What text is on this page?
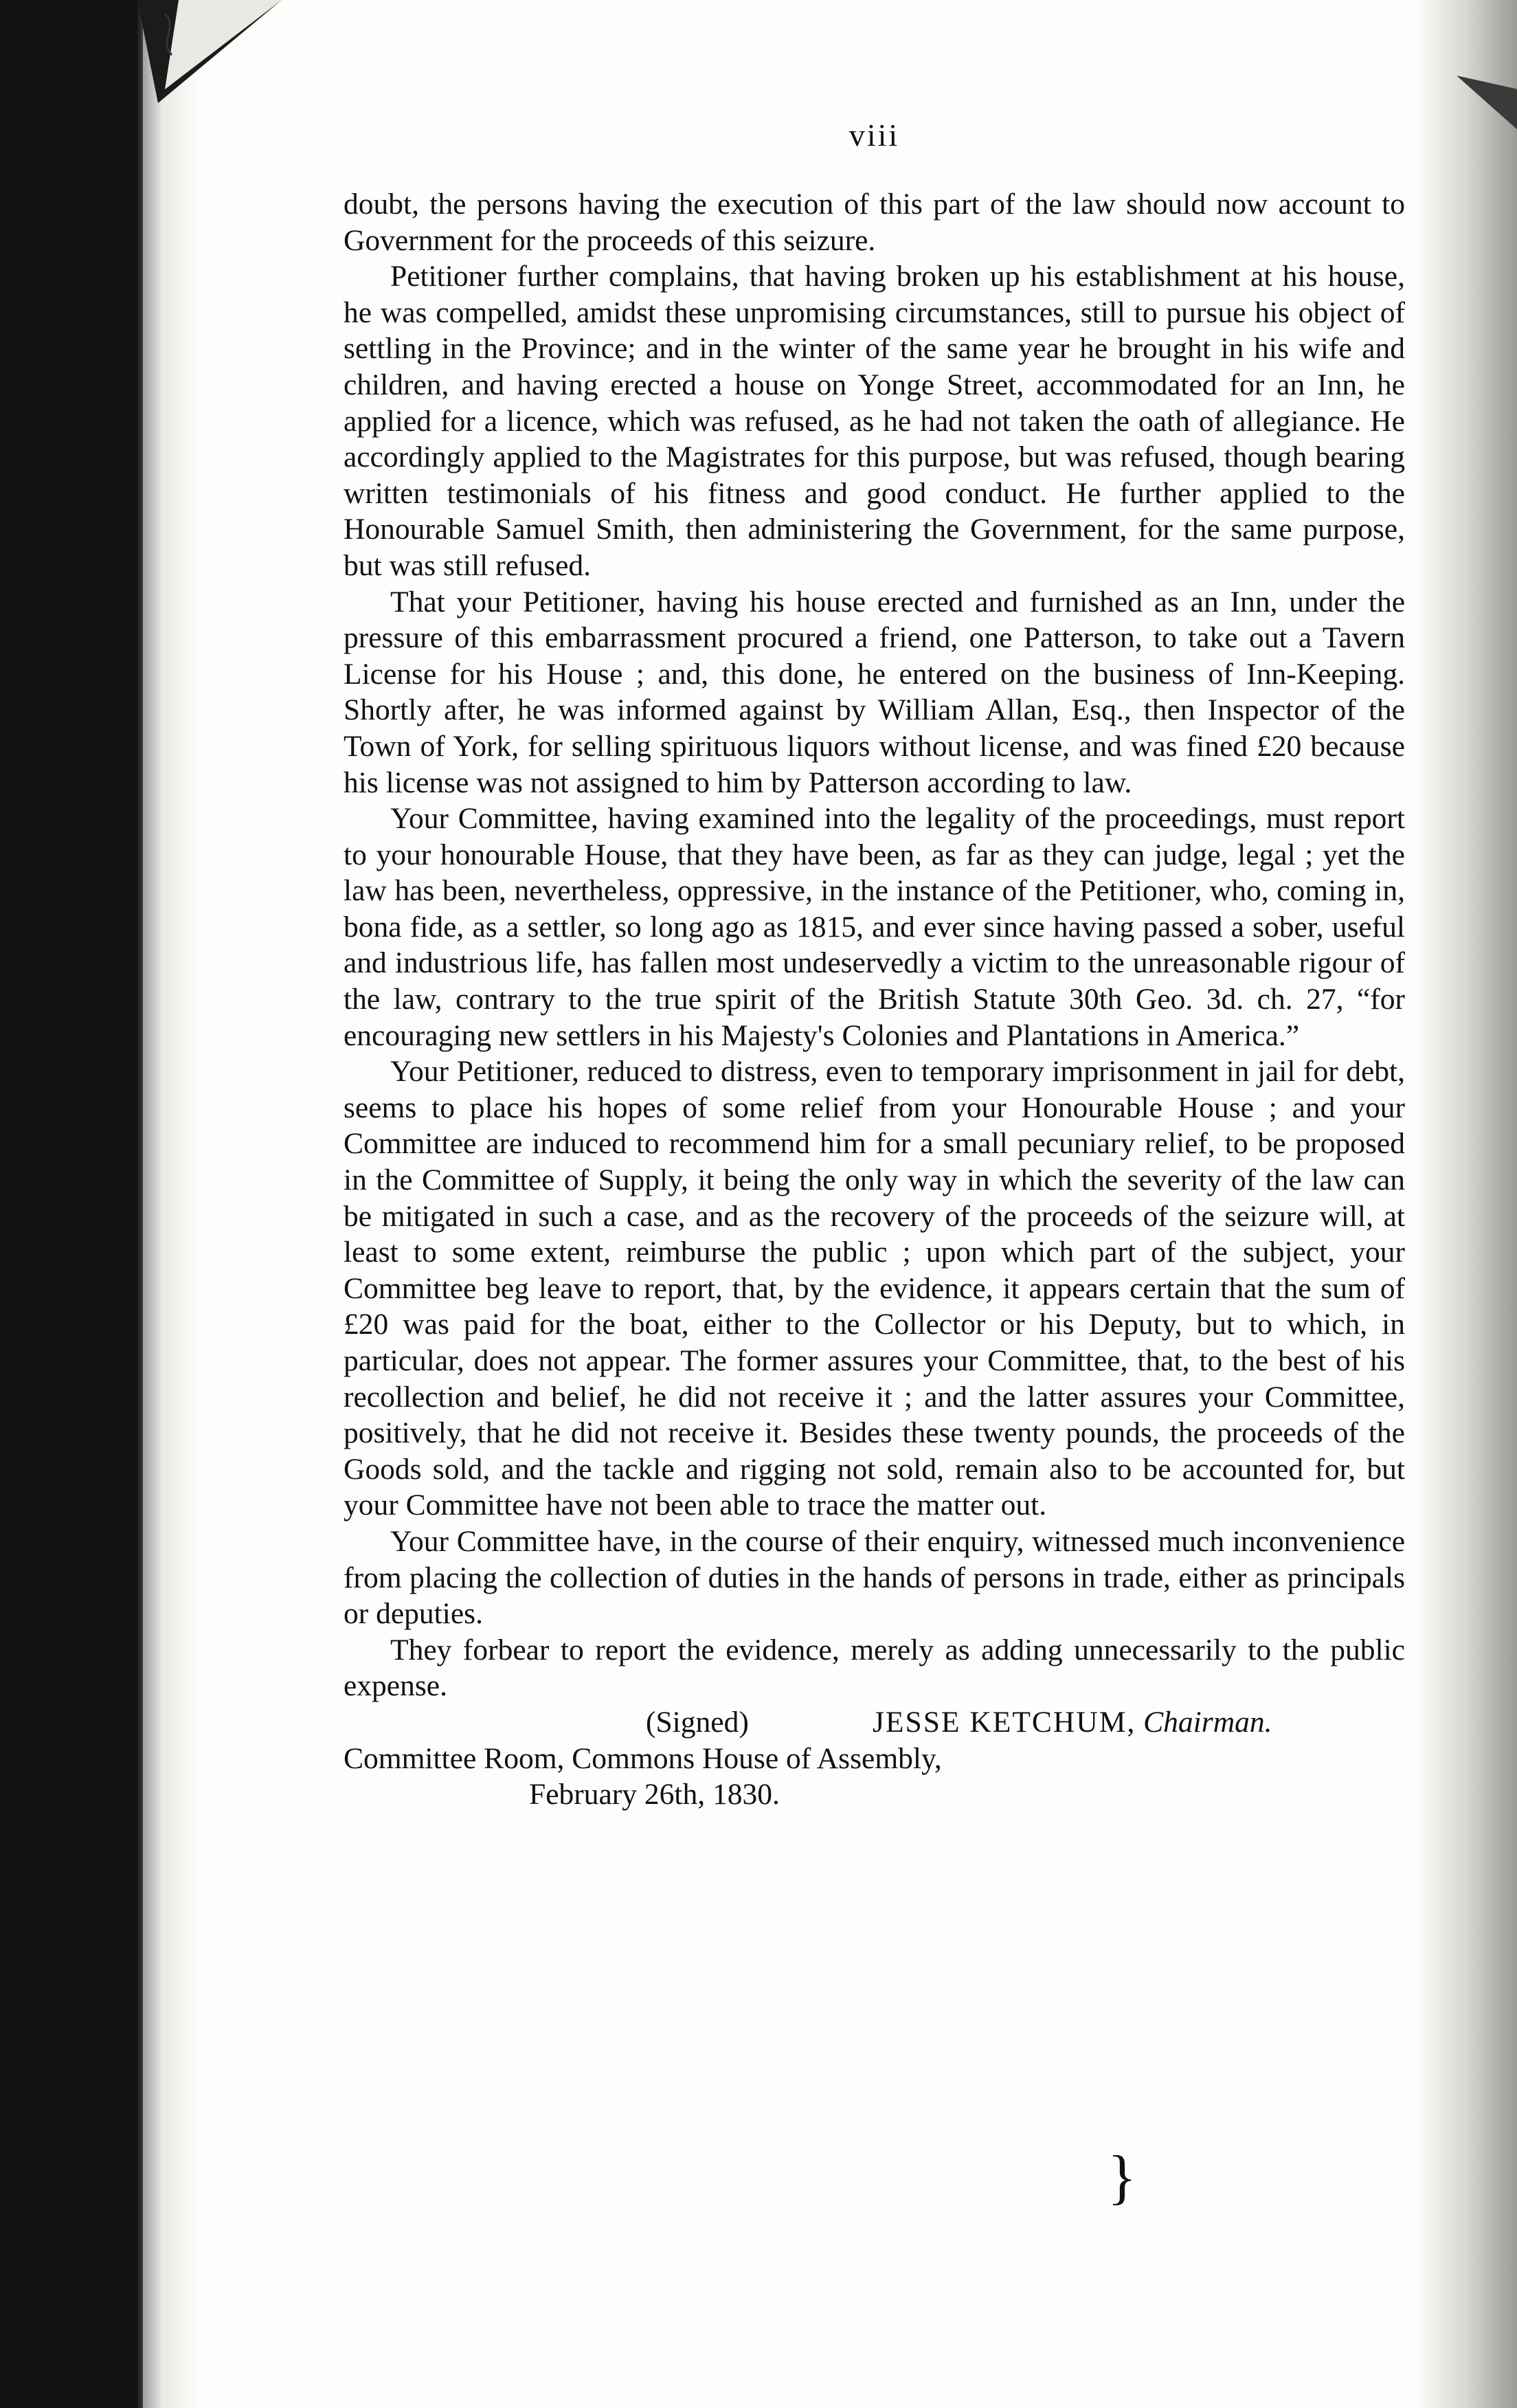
viii

doubt, the persons having the execution of this part of the law should now account to Government for the proceeds of this seizure.

Petitioner further complains, that having broken up his establishment at his house, he was compelled, amidst these unpromising circumstances, still to pursue his object of settling in the Province; and in the winter of the same year he brought in his wife and children, and having erected a house on Yonge Street, accommodated for an Inn, he applied for a licence, which was refused, as he had not taken the oath of allegiance. He accordingly applied to the Magistrates for this purpose, but was refused, though bearing written testimonials of his fitness and good conduct. He further applied to the Honourable Samuel Smith, then administering the Government, for the same purpose, but was still refused.

That your Petitioner, having his house erected and furnished as an Inn, under the pressure of this embarrassment procured a friend, one Patterson, to take out a Tavern License for his House ; and, this done, he entered on the business of Inn-Keeping. Shortly after, he was informed against by William Allan, Esq., then Inspector of the Town of York, for selling spirituous liquors without license, and was fined £20 because his license was not assigned to him by Patterson according to law.

Your Committee, having examined into the legality of the proceedings, must report to your honourable House, that they have been, as far as they can judge, legal ; yet the law has been, nevertheless, oppressive, in the instance of the Petitioner, who, coming in, bona fide, as a settler, so long ago as 1815, and ever since having passed a sober, useful and industrious life, has fallen most undeservedly a victim to the unreasonable rigour of the law, contrary to the true spirit of the British Statute 30th Geo. 3d. ch. 27, “for encouraging new settlers in his Majesty's Colonies and Plantations in America.”

Your Petitioner, reduced to distress, even to temporary imprisonment in jail for debt, seems to place his hopes of some relief from your Honourable House ; and your Committee are induced to recommend him for a small pecuniary relief, to be proposed in the Committee of Supply, it being the only way in which the severity of the law can be mitigated in such a case, and as the recovery of the proceeds of the seizure will, at least to some extent, reimburse the public ; upon which part of the subject, your Committee beg leave to report, that, by the evidence, it appears certain that the sum of £20 was paid for the boat, either to the Collector or his Deputy, but to which, in particular, does not appear. The former assures your Committee, that, to the best of his recollection and belief, he did not receive it ; and the latter assures your Committee, positively, that he did not receive it. Besides these twenty pounds, the proceeds of the Goods sold, and the tackle and rigging not sold, remain also to be accounted for, but your Committee have not been able to trace the matter out.

Your Committee have, in the course of their enquiry, witnessed much inconvenience from placing the collection of duties in the hands of persons in trade, either as principals or deputies.

They forbear to report the evidence, merely as adding unnecessarily to the public expense.

(Signed)	JESSE KETCHUM, Chairman.

Committee Room, Commons House of Assembly,

February 26th, 1830.

}
